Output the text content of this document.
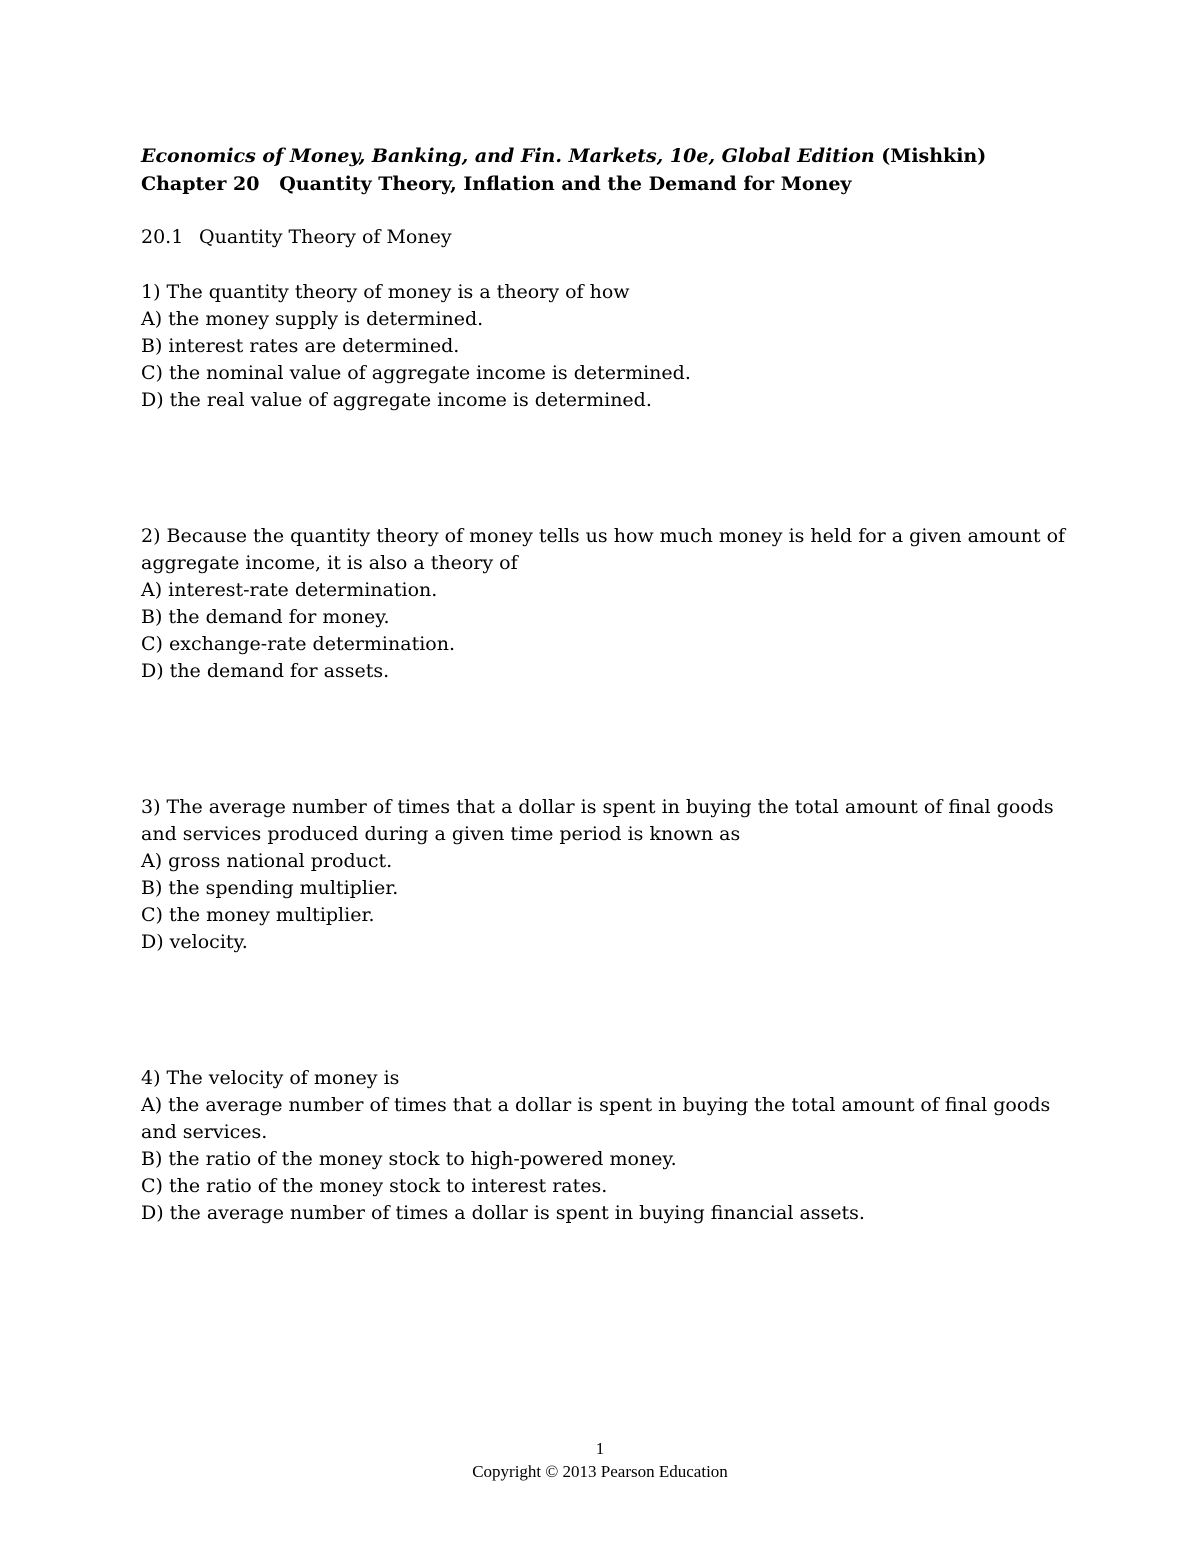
Economics of Money, Banking, and Fin. Markets, 10e, Global Edition (Mishkin)
Chapter 20   Quantity Theory, Inflation and the Demand for Money
20.1 Quantity Theory of Money
1) The quantity theory of money is a theory of how
A) the money supply is determined.
B) interest rates are determined.
C) the nominal value of aggregate income is determined.
D) the real value of aggregate income is determined.
2) Because the quantity theory of money tells us how much money is held for a given amount of aggregate income, it is also a theory of
A) interest-rate determination.
B) the demand for money.
C) exchange-rate determination.
D) the demand for assets.
3) The average number of times that a dollar is spent in buying the total amount of final goods and services produced during a given time period is known as
A) gross national product.
B) the spending multiplier.
C) the money multiplier.
D) velocity.
4) The velocity of money is
A) the average number of times that a dollar is spent in buying the total amount of final goods and services.
B) the ratio of the money stock to high-powered money.
C) the ratio of the money stock to interest rates.
D) the average number of times a dollar is spent in buying financial assets.
1
Copyright © 2013 Pearson Education
